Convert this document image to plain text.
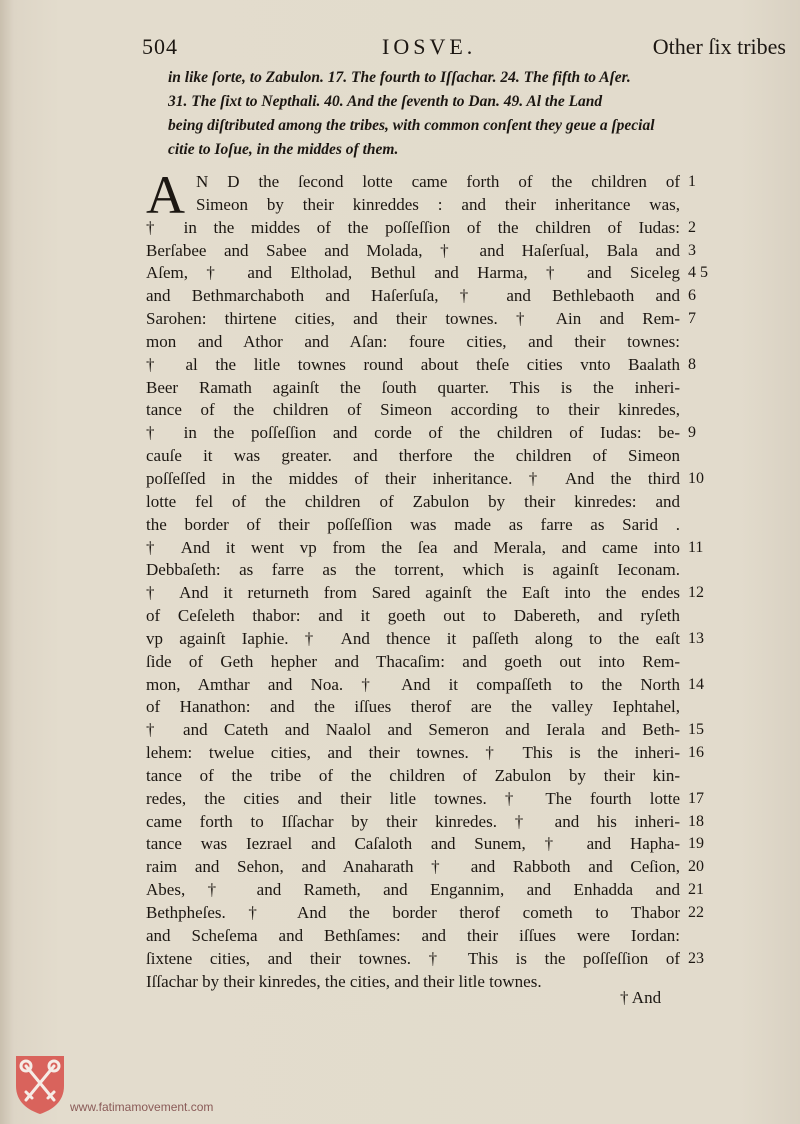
504	IOSVE.	Other ſix tribes
in like ſorte, to Zabulon. 17. The fourth to Iſſachar. 24. The fifth to Aſer.
31. The ſixt to Nepthali. 40. And the ſeventh to Dan. 49. Al the Land
being diſtributed among the tribes, with common conſent they geue a ſpecial
citie to Ioſue, in the middes of them.
A N D the ſecond lotte came forth of the children of 1
Simeon by their kinreddes : and their inheritance was,
† in the middes of the poſſeſſion of the children of Iudas: 2
Berſabee and Sabee and Molada, † and Haſerſual, Bala and 3
Aſem, † and Eltholad, Bethul and Harma, † and Siceleg 4 5
and Bethmarchaboth and Haſerſuſa, † and Bethlebaoth and 6
Sarohen: thirtene cities, and their townes. † Ain and Rem- 7
mon and Athor and Aſan: foure cities, and their townes:
† al the litle townes round about theſe cities vnto Baalath 8
Beer Ramath againſt the ſouth quarter. This is the inheri-
tance of the children of Simeon according to their kinredes,
† in the poſſeſſion and corde of the children of Iudas: be- 9
cauſe it was greater. and therfore the children of Simeon
poſſeſſed in the middes of their inheritance. † And the third 10
lotte fel of the children of Zabulon by their kinredes: and
the border of their poſſeſſion was made as farre as Sarid .
† And it went vp from the ſea and Merala, and came into 11
Debbaſeth: as farre as the torrent, which is againſt Ieconam.
† And it returneth from Sared againſt the Eaſt into the endes 12
of Ceſeleth thabor: and it goeth out to Dabereth, and ryſeth
vp againſt Iaphie. † And thence it paſſeth along to the eaſt 13
ſide of Geth hepher and Thacaſim: and goeth out into Rem-
mon, Amthar and Noa. † And it compaſſeth to the North 14
of Hanathon: and the iſſues therof are the valley Iephtahel,
† and Cateth and Naalol and Semeron and Ierala and Beth- 15
lehem: twelue cities, and their townes. † This is the inheri- 16
tance of the tribe of the children of Zabulon by their kin-
redes, the cities and their litle townes. † The fourth lotte 17
came forth to Iſſachar by their kinredes. † and his inheri- 18
tance was Iezrael and Caſaloth and Sunem, † and Hapha- 19
raim and Sehon, and Anaharath † and Rabboth and Ceſion, 20
Abes, † and Rameth, and Engannim, and Enhadda and 21
Bethpheſes. † And the border therof cometh to Thabor 22
and Scheſema and Bethſames: and their iſſues were Iordan:
ſixtene cities, and their townes. † This is the poſſeſſion of 23
Iſſachar by their kinredes, the cities, and their litle townes.
† And
www.fatimamovement.com
